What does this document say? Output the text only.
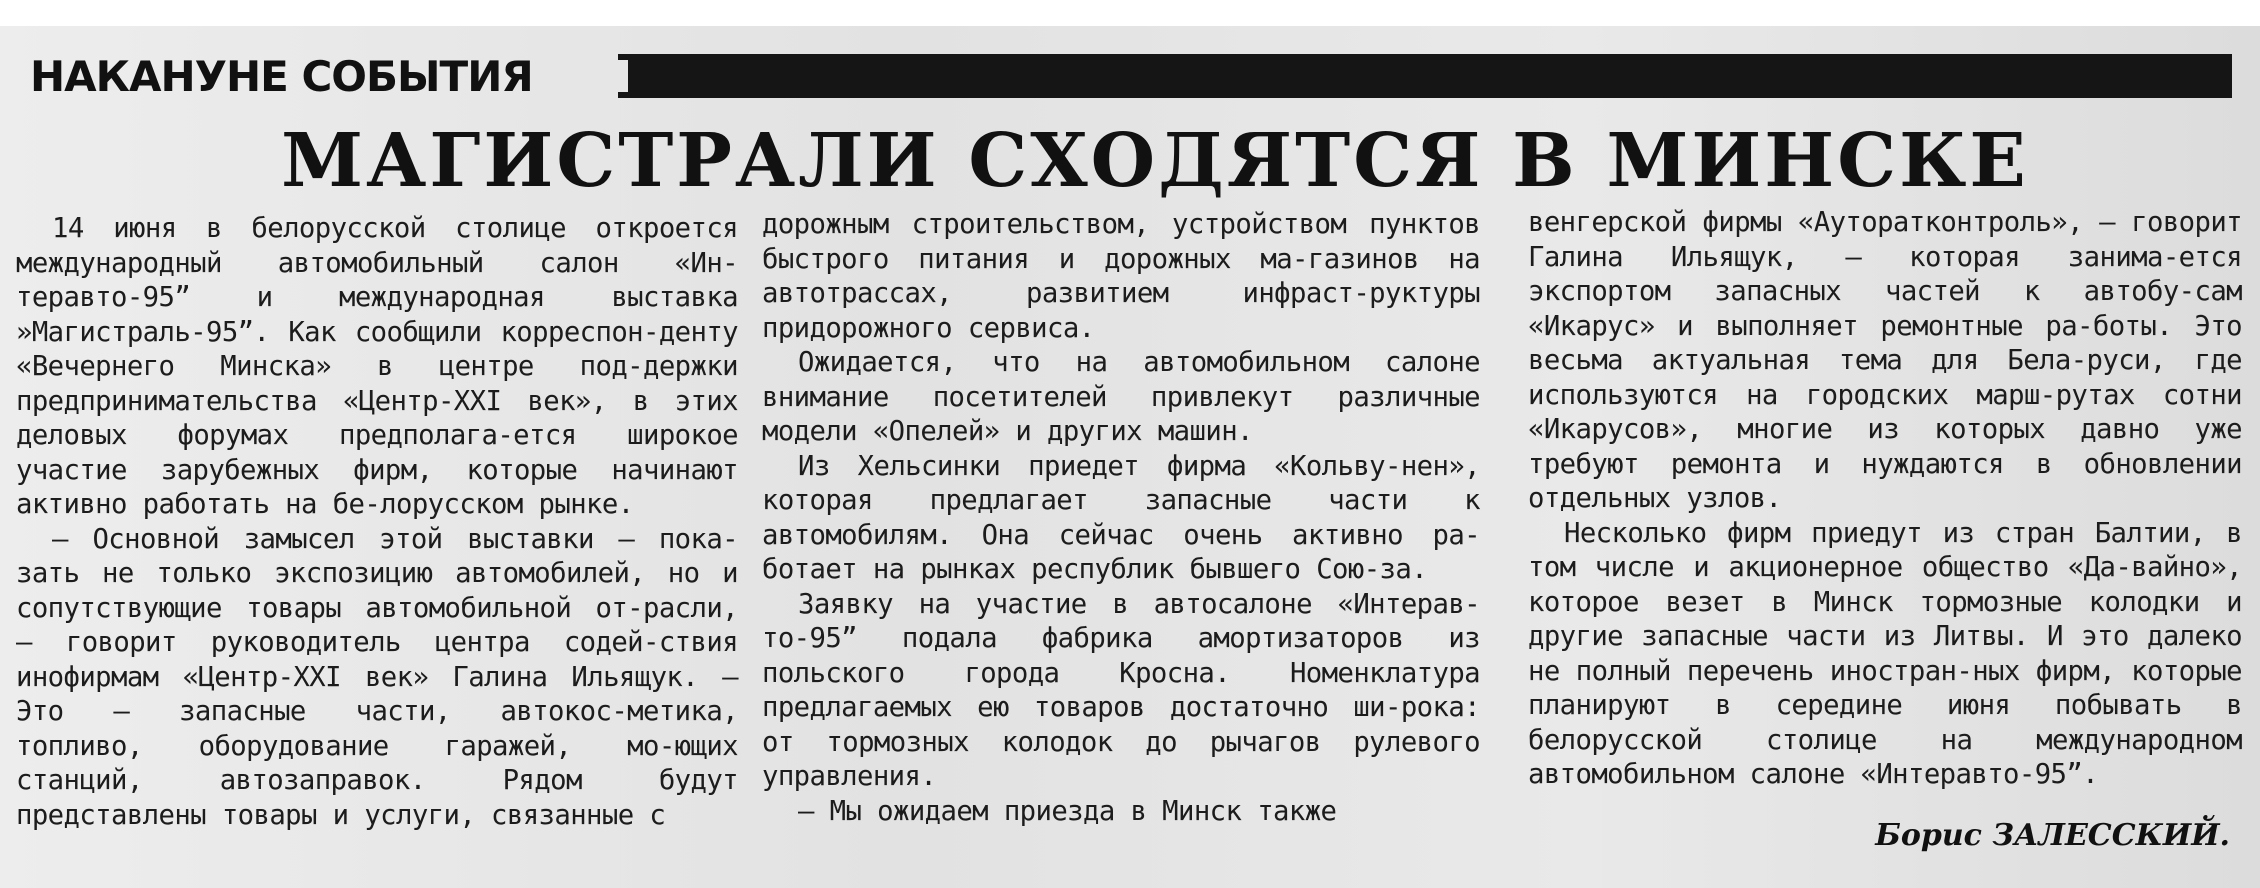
НАКАНУНЕ СОБЫТИЯ
МАГИСТРАЛИ СХОДЯТСЯ В МИНСКЕ

14 июня в белорусской столице откроется международный автомобильный салон «Ин-теравто-95” и международная выставка »Магистраль-95”. Как сообщили корреспон-денту «Вечернего Минска» в центре под-держки предпринимательства «Центр-XXI век», в этих деловых форумах предполага-ется широкое участие зарубежных фирм, которые начинают активно работать на бе-лорусском рынке.

— Основной замысел этой выставки — пока-зать не только экспозицию автомобилей, но и сопутствующие товары автомобильной от-расли, — говорит руководитель центра содей-ствия инофирмам «Центр-XXI век» Галина Ильящук. — Это — запасные части, автокос-метика, топливо, оборудование гаражей, мо-ющих станций, автозаправок. Рядом будут представлены товары и услуги, связанные с

дорожным строительством, устройством пунктов быстрого питания и дорожных ма-газинов на автотрассах, развитием инфраст-руктуры придорожного сервиса.

Ожидается, что на автомобильном салоне внимание посетителей привлекут различные модели «Опелей» и других машин.

Из Хельсинки приедет фирма «Кольву-нен», которая предлагает запасные части к автомобилям. Она сейчас очень активно ра-ботает на рынках республик бывшего Сою-за.

Заявку на участие в автосалоне «Интерав-то-95” подала фабрика амортизаторов из польского города Кросна. Номенклатура предлагаемых ею товаров достаточно ши-рока: от тормозных колодок до рычагов рулевого управления.

— Мы ожидаем приезда в Минск также

венгерской фирмы «Ауторатконтроль», — говорит Галина Ильящук, — которая занима-ется экспортом запасных частей к автобу-сам «Икарус» и выполняет ремонтные ра-боты. Это весьма актуальная тема для Бела-руси, где используются на городских марш-рутах сотни «Икарусов», многие из которых давно уже требуют ремонта и нуждаются в обновлении отдельных узлов.

Несколько фирм приедут из стран Балтии, в том числе и акционерное общество «Да-вайно», которое везет в Минск тормозные колодки и другие запасные части из Литвы. И это далеко не полный перечень иностран-ных фирм, которые планируют в середине июня побывать в белорусской столице на международном автомобильном салоне «Интеравто-95”.

Борис ЗАЛЕССКИЙ.
